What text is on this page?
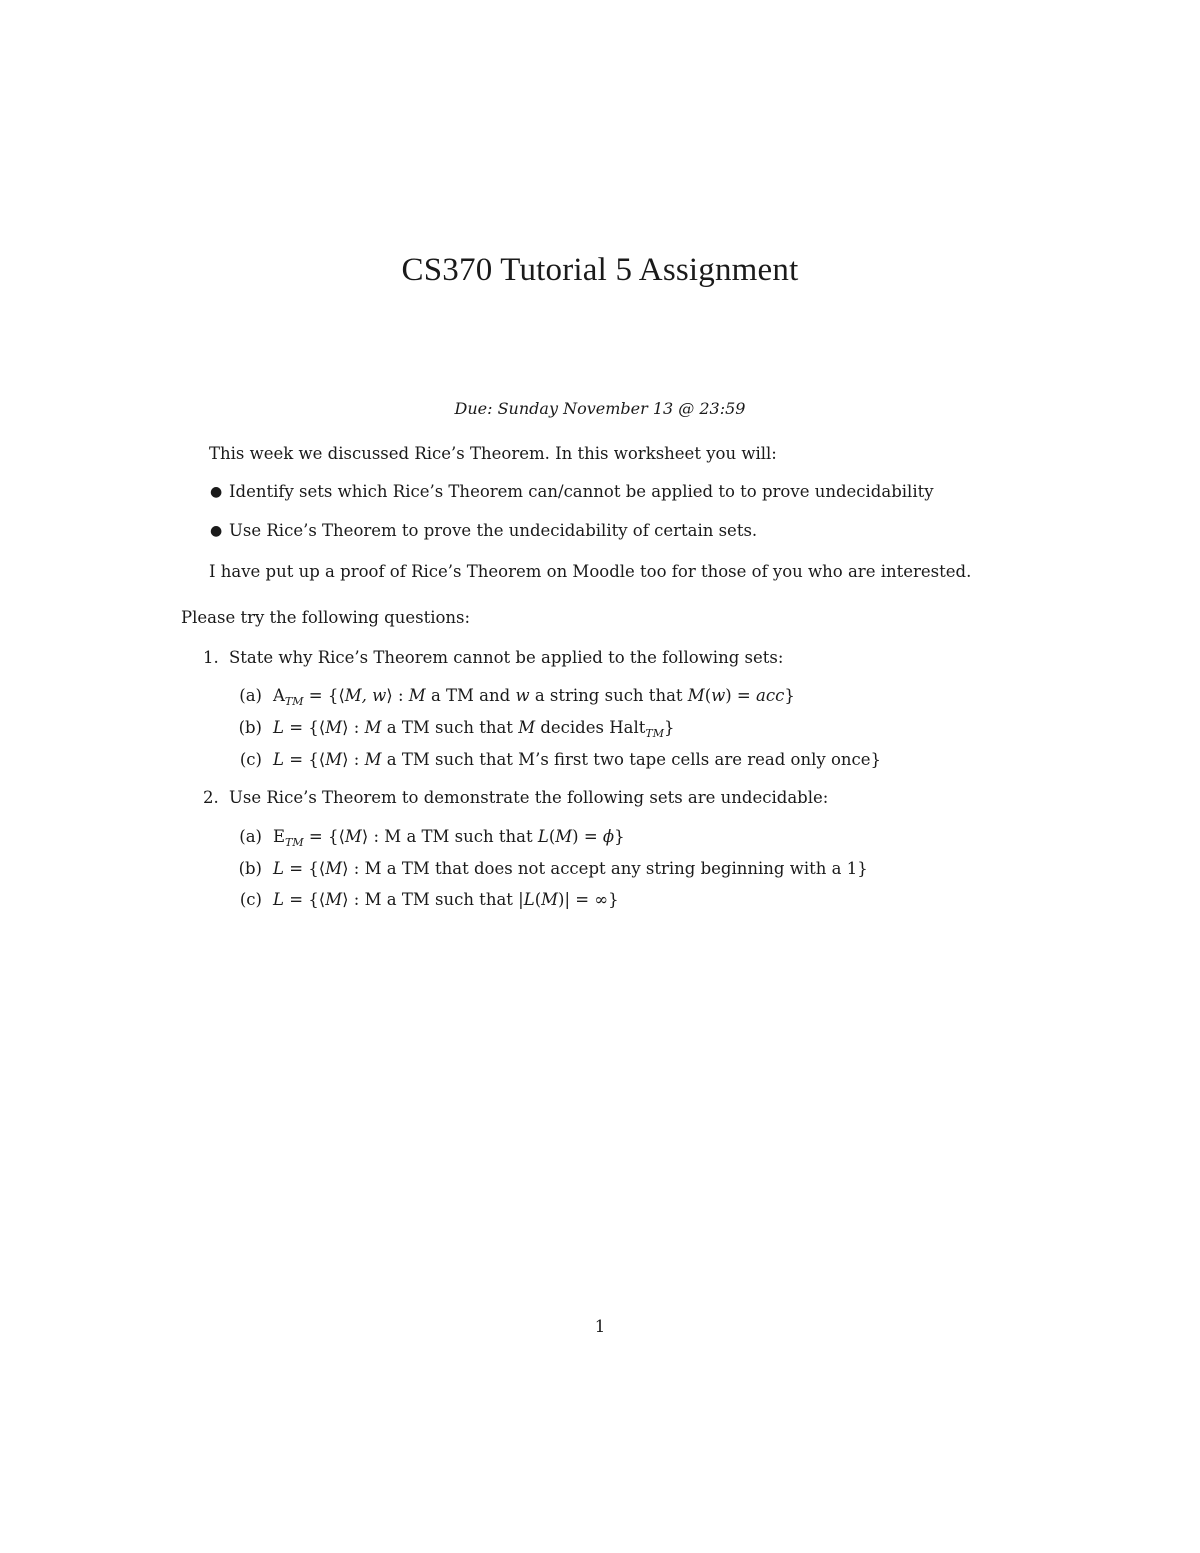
CS370 Tutorial 5 Assignment
Due: Sunday November 13 @ 23:59
This week we discussed Rice’s Theorem. In this worksheet you will:
● Identify sets which Rice’s Theorem can/cannot be applied to to prove undecidability
● Use Rice’s Theorem to prove the undecidability of certain sets.
I have put up a proof of Rice’s Theorem on Moodle too for those of you who are interested.
Please try the following questions:
1. State why Rice’s Theorem cannot be applied to the following sets:
(a) $A_{TM}$ = {⟨M, w⟩ : M a TM and w a string such that M(w) = acc}
(b) L = {⟨M⟩ : M a TM such that M decides Halt$_{TM}$}
(c) L = {⟨M⟩ : M a TM such that M’s first two tape cells are read only once}
2. Use Rice’s Theorem to demonstrate the following sets are undecidable:
(a) $E_{TM}$ = {⟨M⟩ : M a TM such that L(M) = ϕ}
(b) L = {⟨M⟩ : M a TM that does not accept any string beginning with a 1}
(c) L = {⟨M⟩ : M a TM such that |L(M)| = ∞}
1
